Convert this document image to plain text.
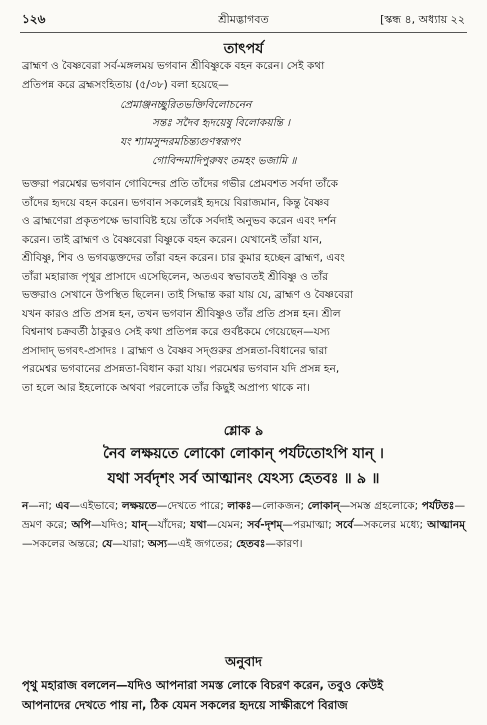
১২৬	শ্রীমদ্ভাগবত	[স্কন্ধ ৪, অধ্যায় ২২
তাৎপর্য
ব্রাহ্মণ ও বৈষ্ণবেরা সর্ব-মঙ্গলময় ভগবান শ্রীবিষ্ণুকে বহন করেন। সেই কথা
প্রতিপন্ন করে ব্রহ্মসংহিতায় (৫/৩৮) বলা হয়েছে—
প্রেমাঞ্জনচ্ছুরিতভক্তিবিলোচনেন
সন্তঃ সদৈব হৃদয়েষু বিলোকয়ন্তি ।
যং শ্যামসুন্দরমচিন্ত্যগুণস্বরূপং
গোবিন্দমাদিপুরুষং তমহং ভজামি ॥
ভক্তরা পরমেশ্বর ভগবান গোবিন্দের প্রতি তাঁদের গভীর প্রেমবশত সর্বদা তাঁকে
তাঁদের হৃদয়ে বহন করেন। ভগবান সকলেরই হৃদয়ে বিরাজমান, কিন্তু বৈষ্ণব
ও ব্রাহ্মণেরা প্রকৃতপক্ষে ভাবাবিষ্ট হয়ে তাঁকে সর্বদাই অনুভব করেন এবং দর্শন
করেন। তাই ব্রাহ্মণ ও বৈষ্ণবেরা বিষ্ণুকে বহন করেন। যেখানেই তাঁরা যান,
শ্রীবিষ্ণু, শিব ও ভগবদ্ভক্তদের তাঁরা বহন করেন। চার কুমার হচ্ছেন ব্রাহ্মণ, এবং
তাঁরা মহারাজ পৃথুর প্রাসাদে এসেছিলেন, অতএব স্বভাবতই শ্রীবিষ্ণু ও তাঁর
ভক্তরাও সেখানে উপস্থিত ছিলেন। তাই সিদ্ধান্ত করা যায় যে, ব্রাহ্মণ ও বৈষ্ণবেরা
যখন কারও প্রতি প্রসন্ন হন, তখন ভগবান শ্রীবিষ্ণুও তাঁর প্রতি প্রসন্ন হন। শ্রীল
বিশ্বনাথ চক্রবর্তী ঠাকুরও সেই কথা প্রতিপন্ন করে গুর্বষ্টকমে গেয়েছেন—যস্য
প্রসাদাদ্ ভগবৎ-প্রসাদঃ । ব্রাহ্মণ ও বৈষ্ণব সদ্গুরুর প্রসন্নতা-বিধানের দ্বারা
পরমেশ্বর ভগবানের প্রসন্নতা-বিধান করা যায়। পরমেশ্বর ভগবান যদি প্রসন্ন হন,
তা হলে আর ইহলোকে অথবা পরলোকে তাঁর কিছুই অপ্রাপ্য থাকে না।
শ্লোক ৯
নৈব লক্ষয়তে লোকো লোকান্ পর্যটতোঽপি যান্ ।
যথা সর্বদৃশং সর্ব আত্মানং যেঽস্য হেতবঃ ॥ ৯ ॥
ন—না; এব—এইভাবে; লক্ষয়তে—দেখতে পারে; লাকঃ—লোকজন; লোকান্—সমস্ত গ্রহলোকে; পর্যটতঃ—ভ্রমণ করে; অপি—যদিও; যান্—যাঁদের; যথা—যেমন; সর্ব-দৃশম্—পরমাত্মা; সর্বে—সকলের মধ্যে; আত্মানম্—সকলের অন্তরে; যে—যারা; অস্য—এই জগতের; হেতবঃ—কারণ।
অনুবাদ
পৃথু মহারাজ বললেন—যদিও আপনারা সমস্ত লোকে বিচরণ করেন, তবুও কেউই
আপনাদের দেখতে পায় না, ঠিক যেমন সকলের হৃদয়ে সাক্ষীরূপে বিরাজ
